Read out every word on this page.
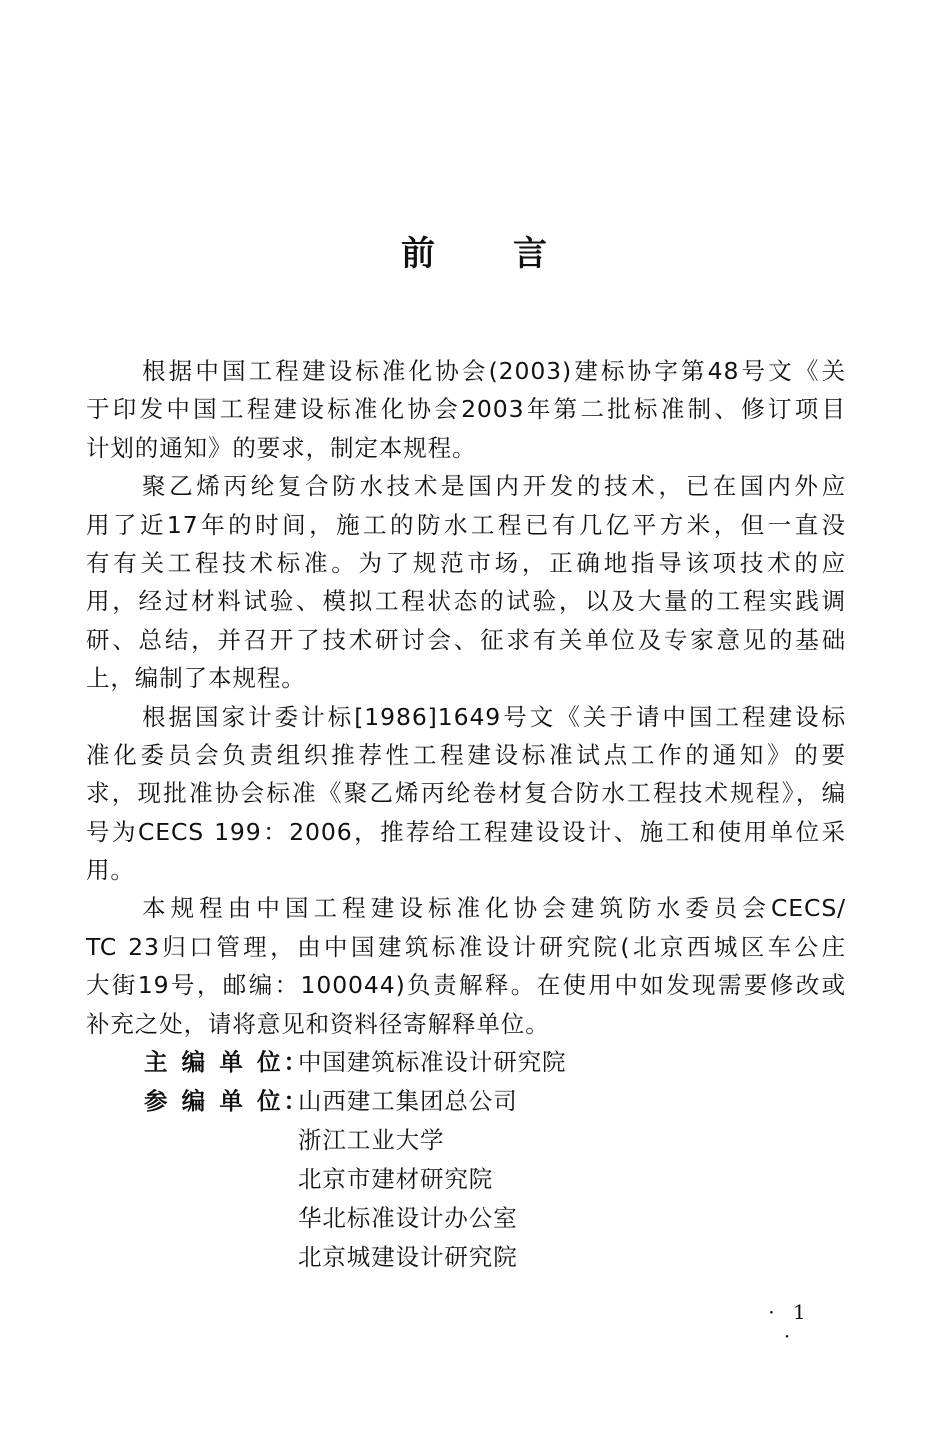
前 言
根据中国工程建设标准化协会(2003)建标协字第48号文《关
于印发中国工程建设标准化协会2003年第二批标准制、修订项目
计划的通知》的要求，制定本规程。
聚乙烯丙纶复合防水技术是国内开发的技术，已在国内外应
用了近17年的时间，施工的防水工程已有几亿平方米，但一直没
有有关工程技术标准。为了规范市场，正确地指导该项技术的应
用，经过材料试验、模拟工程状态的试验，以及大量的工程实践调
研、总结，并召开了技术研讨会、征求有关单位及专家意见的基础
上，编制了本规程。
根据国家计委计标[1986]1649号文《关于请中国工程建设标
准化委员会负责组织推荐性工程建设标准试点工作的通知》的要
求，现批准协会标准《聚乙烯丙纶卷材复合防水工程技术规程》，编
号为CECS 199：2006，推荐给工程建设设计、施工和使用单位采
用。
本规程由中国工程建设标准化协会建筑防水委员会CECS/
TC 23归口管理，由中国建筑标准设计研究院(北京西城区车公庄
大街19号，邮编：100044)负责解释。在使用中如发现需要修改或
补充之处，请将意见和资料径寄解释单位。
主 编 单 位：中国建筑标准设计研究院
参 编 单 位：山西建工集团总公司
浙江工业大学
北京市建材研究院
华北标准设计办公室
北京城建设计研究院
· 1 ·
